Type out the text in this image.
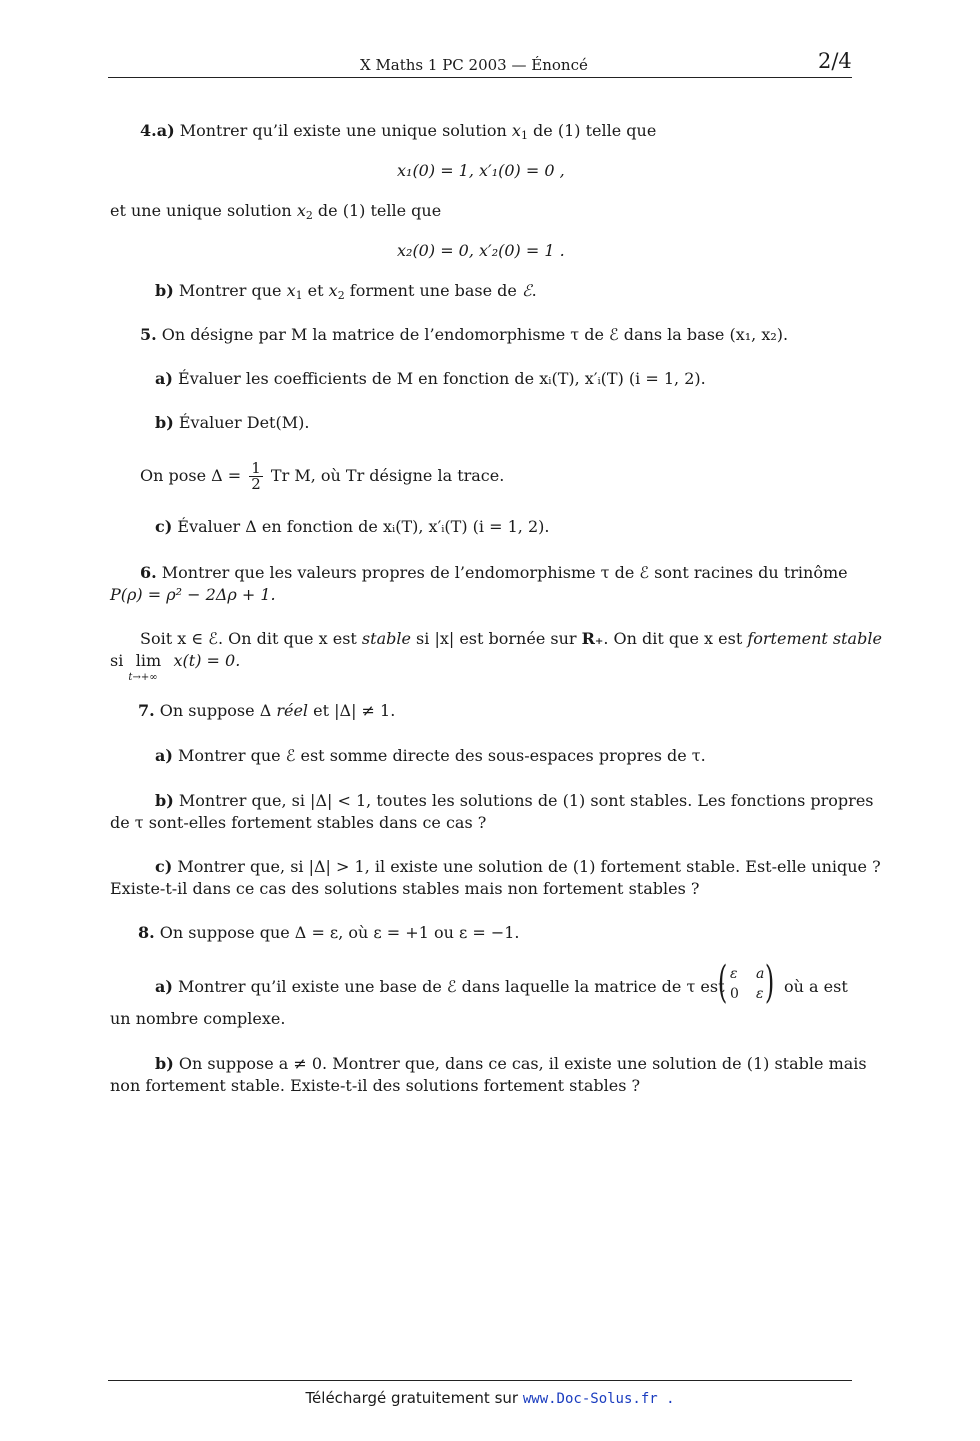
X Maths 1 PC 2003 — Énoncé	2/4
4.a) Montrer qu’il existe une unique solution $x_1$ de (1) telle que
x₁(0) = 1, x′₁(0) = 0 ,
et une unique solution $x_2$ de (1) telle que
x₂(0) = 0, x′₂(0) = 1 .
b) Montrer que $x_1$ et $x_2$ forment une base de ℰ.
5. On désigne par M la matrice de l’endomorphisme τ de ℰ dans la base (x₁, x₂).
a) Évaluer les coefficients de M en fonction de xᵢ(T), x′ᵢ(T) (i = 1, 2).
b) Évaluer Det(M).
On pose $\Delta = \frac{1}{2}$ Tr M, où Tr désigne la trace.
c) Évaluer Δ en fonction de xᵢ(T), x′ᵢ(T) (i = 1, 2).
6. Montrer que les valeurs propres de l’endomorphisme τ de ℰ sont racines du trinôme
P(ρ) = ρ² − 2Δρ + 1.
Soit x ∈ ℰ. On dit que x est stable si |x| est bornée sur R₊. On dit que x est fortement stable
si lim
t→+∞
x(t) = 0.
7. On suppose Δ réel et |Δ| ≠ 1.
a) Montrer que ℰ est somme directe des sous-espaces propres de τ.
b) Montrer que, si |Δ| < 1, toutes les solutions de (1) sont stables. Les fonctions propres
de τ sont-elles fortement stables dans ce cas ?
c) Montrer que, si |Δ| > 1, il existe une solution de (1) fortement stable. Est-elle unique ?
Existe-t-il dans ce cas des solutions stables mais non fortement stables ?
8. On suppose que Δ = ε, où ε = +1 ou ε = −1.
a) Montrer qu’il existe une base de ℰ dans laquelle la matrice de τ est
( )
ε a
0 ε où a est
un nombre complexe.
b) On suppose a ≠ 0. Montrer que, dans ce cas, il existe une solution de (1) stable mais
non fortement stable. Existe-t-il des solutions fortement stables ?
Téléchargé gratuitement sur www.Doc-Solus.fr .
